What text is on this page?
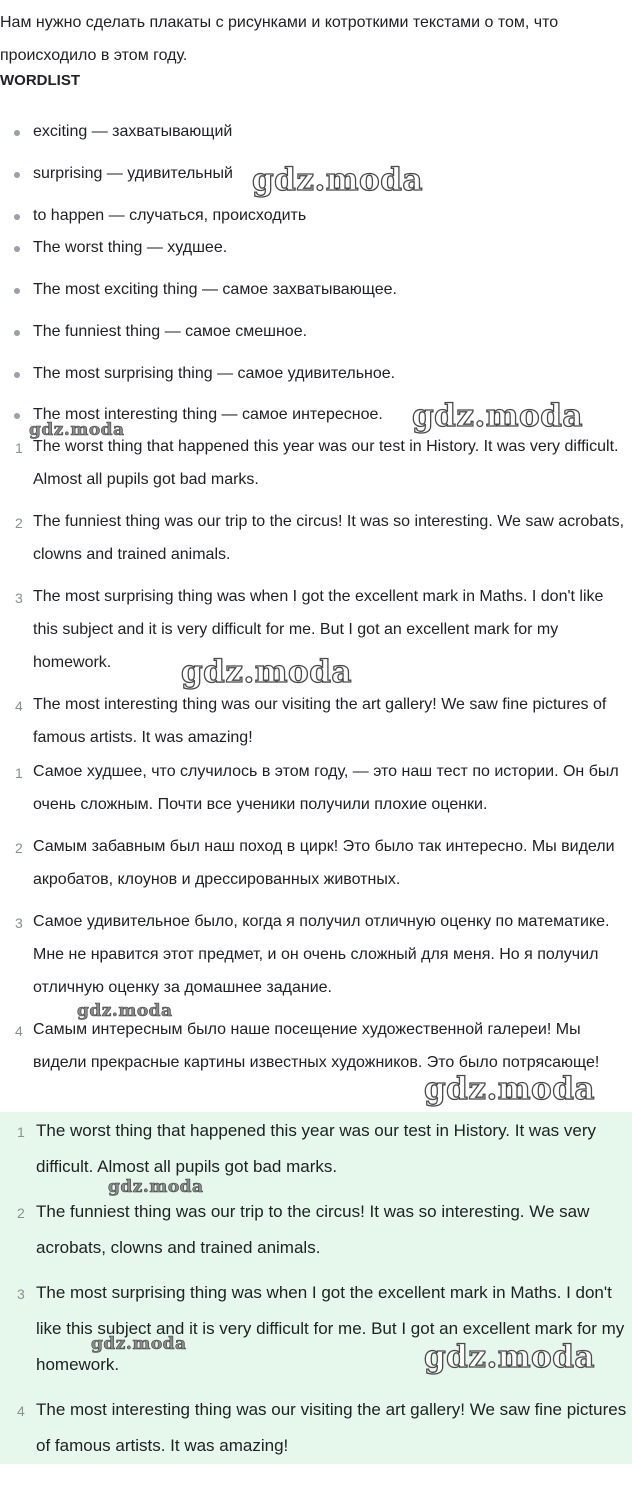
Нам нужно сделать плакаты с рисунками и котроткими текстами о том, что происходило в этом году.

WORDLIST

exciting — захватывающий
surprising — удивительный
to happen — случаться, происходить
The worst thing — худшее.
The most exciting thing — самое захватывающее.
The funniest thing — самое смешное.
The most surprising thing — самое удивительное.
The most interesting thing — самое интересное.
1 The worst thing that happened this year was our test in History. It was very difficult. Almost all pupils got bad marks.
2 The funniest thing was our trip to the circus! It was so interesting. We saw acrobats, clowns and trained animals.
3 The most surprising thing was when I got the excellent mark in Maths. I don't like this subject and it is very difficult for me. But I got an excellent mark for my homework.
4 The most interesting thing was our visiting the art gallery! We saw fine pictures of famous artists. It was amazing!
1 Самое худшее, что случилось в этом году, — это наш тест по истории. Он был очень сложным. Почти все ученики получили плохие оценки.
2 Самым забавным был наш поход в цирк! Это было так интересно. Мы видели акробатов, клоунов и дрессированных животных.
3 Самое удивительное было, когда я получил отличную оценку по математике. Мне не нравится этот предмет, и он очень сложный для меня. Но я получил отличную оценку за домашнее задание.
4 Самым интересным было наше посещение художественной галереи! Мы видели прекрасные картины известных художников. Это было потрясающе!
1 The worst thing that happened this year was our test in History. It was very difficult. Almost all pupils got bad marks.
2 The funniest thing was our trip to the circus! It was so interesting. We saw acrobats, clowns and trained animals.
3 The most surprising thing was when I got the excellent mark in Maths. I don't like this subject and it is very difficult for me. But I got an excellent mark for my homework.
4 The most interesting thing was our visiting the art gallery! We saw fine pictures of famous artists. It was amazing!
gdz.moda
gdz.moda
gdz.moda
gdz.moda
gdz.moda
gdz.moda
gdz.moda
gdz.moda	gdz.moda
